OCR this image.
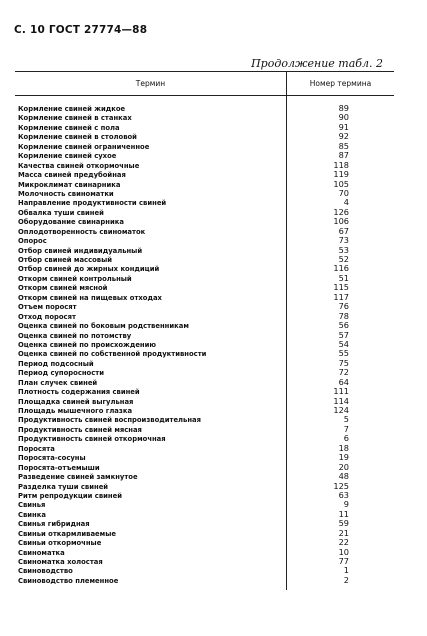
С. 10 ГОСТ 27774—88
Продолжение табл. 2
Термин	Номер термина
Кормление свиней жидкое	89
Кормление свиней в станках	90
Кормление свиней с пола	91
Кормление свиней в столовой	92
Кормление свиней ограниченное	85
Кормление свиней сухое	87
Качества свиней откормочные	118
Масса свиней предубойная	119
Микроклимат свинарника	105
Молочность свиноматки	70
Направление продуктивности свиней	4
Обвалка туши свиней	126
Оборудование свинарника	106
Оплодотворенность свиноматок	67
Опорос	73
Отбор свиней индивидуальный	53
Отбор свиней массовый	52
Отбор свиней до жирных кондиций	116
Откорм свиней контрольный	51
Откорм свиней мясной	115
Откорм свиней на пищевых отходах	117
Отъем поросят	76
Отход поросят	78
Оценка свиней по боковым родственникам	56
Оценка свиней по потомству	57
Оценка свиней по происхождению	54
Оценка свиней по собственной продуктивности	55
Период подсосный	75
Период супоросности	72
План случек свиней	64
Плотность содержания свиней	111
Площадка свиней выгульная	114
Площадь мышечного глазка	124
Продуктивность свиней воспроизводительная	5
Продуктивность свиней мясная	7
Продуктивность свиней откормочная	6
Поросята	18
Поросята-сосуны	19
Поросята-отъемыши	20
Разведение свиней замкнутое	48
Разделка туши свиней	125
Ритм репродукции свиней	63
Свинья	9
Свинка	11
Свинья гибридная	59
Свиньи откармливаемые	21
Свиньи откормочные	22
Свиноматка	10
Свиноматка холостая	77
Свиноводство	1
Свиноводство племенное	2
